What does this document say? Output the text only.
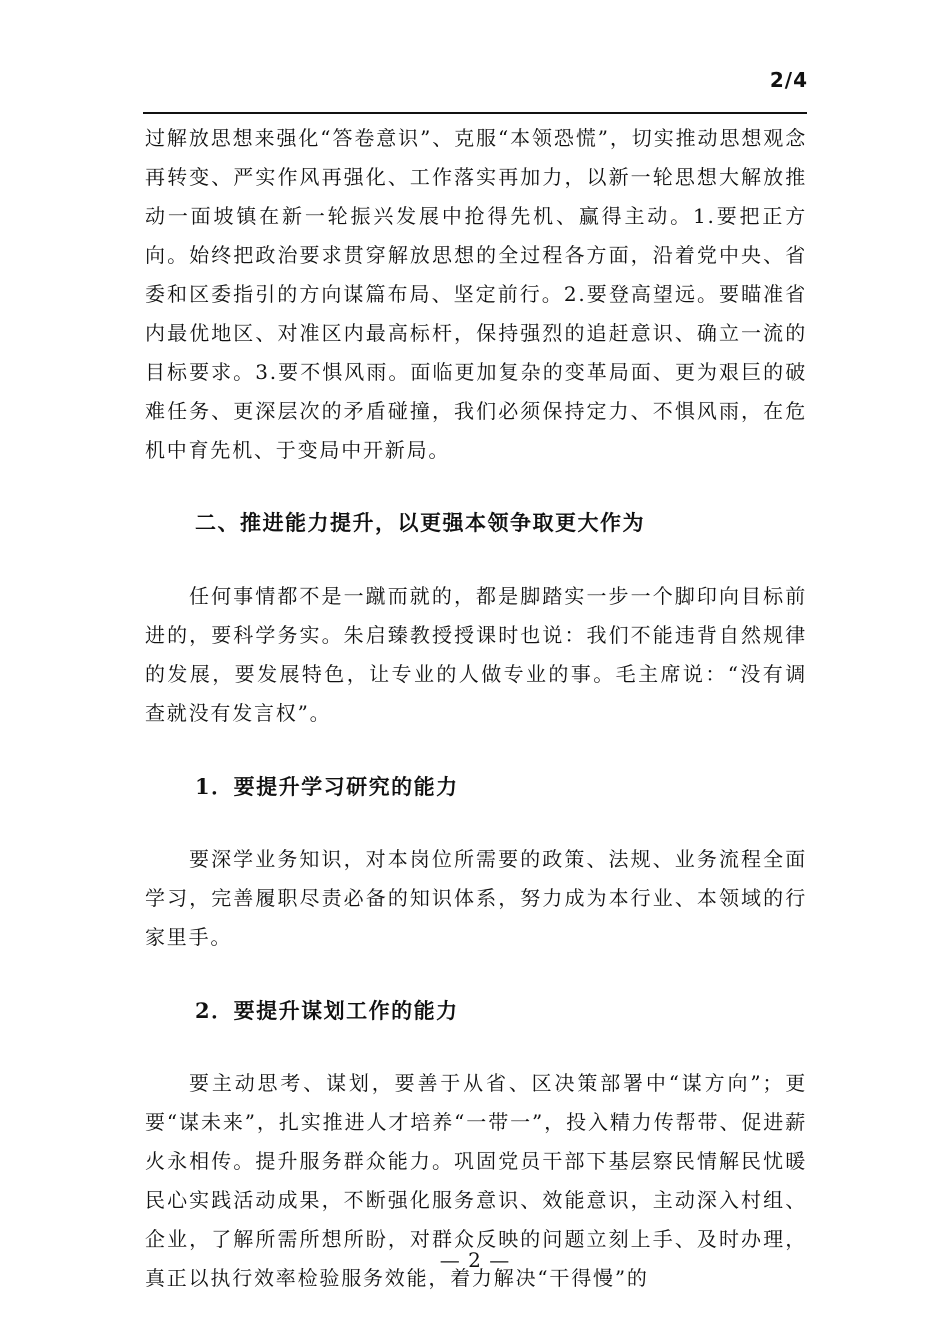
2/4

过解放思想来强化“答卷意识”、克服“本领恐慌”，切实推动思想观念再转变、严实作风再强化、工作落实再加力，以新一轮思想大解放推动一面坡镇在新一轮振兴发展中抢得先机、赢得主动。1.要把正方向。始终把政治要求贯穿解放思想的全过程各方面，沿着党中央、省委和区委指引的方向谋篇布局、坚定前行。2.要登高望远。要瞄准省内最优地区、对准区内最高标杆，保持强烈的追赶意识、确立一流的目标要求。3.要不惧风雨。面临更加复杂的变革局面、更为艰巨的破难任务、更深层次的矛盾碰撞，我们必须保持定力、不惧风雨，在危机中育先机、于变局中开新局。

二、推进能力提升，以更强本领争取更大作为

任何事情都不是一蹴而就的，都是脚踏实一步一个脚印向目标前进的，要科学务实。朱启臻教授授课时也说：我们不能违背自然规律的发展，要发展特色，让专业的人做专业的事。毛主席说：“没有调查就没有发言权”。

1．要提升学习研究的能力

要深学业务知识，对本岗位所需要的政策、法规、业务流程全面学习，完善履职尽责必备的知识体系，努力成为本行业、本领域的行家里手。

2．要提升谋划工作的能力

要主动思考、谋划，要善于从省、区决策部署中“谋方向”；更要“谋未来”，扎实推进人才培养“一带一”，投入精力传帮带、促进薪火永相传。提升服务群众能力。巩固党员干部下基层察民情解民忧暖民心实践活动成果，不断强化服务意识、效能意识，主动深入村组、企业，了解所需所想所盼，对群众反映的问题立刻上手、及时办理，真正以执行效率检验服务效能，着力解决“干得慢”的

— 2 —
